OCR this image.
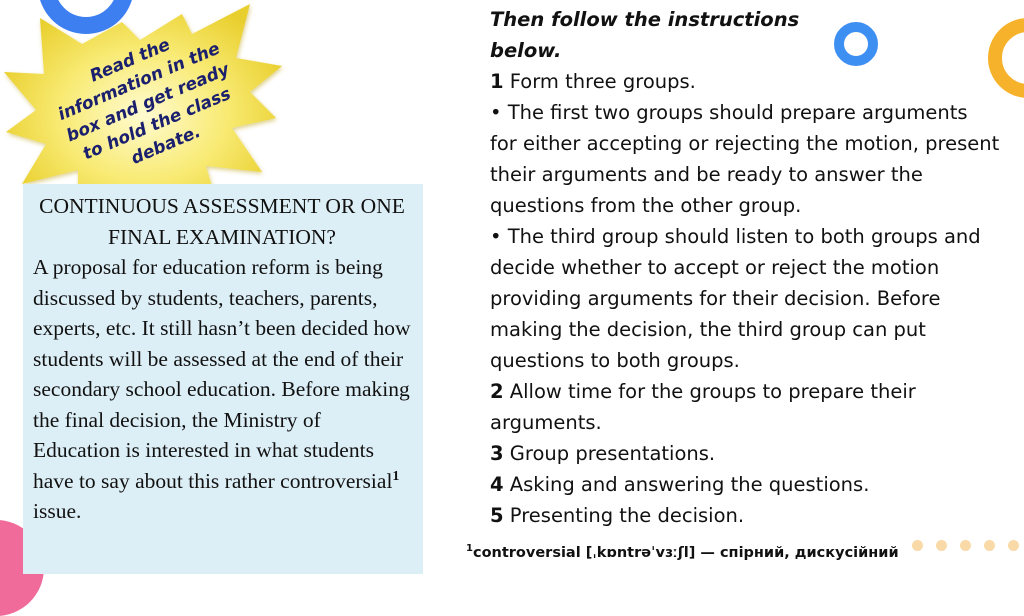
Read the information in the box and get ready to hold the class debate.

CONTINUOUS ASSESSMENT OR ONE FINAL EXAMINATION?

A proposal for education reform is being discussed by students, teachers, parents, experts, etc. It still hasn’t been decided how students will be assessed at the end of their secondary school education. Before making the final decision, the Ministry of Education is interested in what students have to say about this rather controversial$^1$ issue.

Then follow the instructions below.

1 Form three groups.

• The first two groups should prepare arguments for either accepting or rejecting the motion, present their arguments and be ready to answer the questions from the other group.

• The third group should listen to both groups and decide whether to accept or reject the motion providing arguments for their decision. Before making the decision, the third group can put questions to both groups.

2 Allow time for the groups to prepare their arguments.

3 Group presentations.

4 Asking and answering the questions.

5 Presenting the decision.

$^1$controversial [ˌkɒntrəˈvɜːʃl] — спірний, дискусійний
